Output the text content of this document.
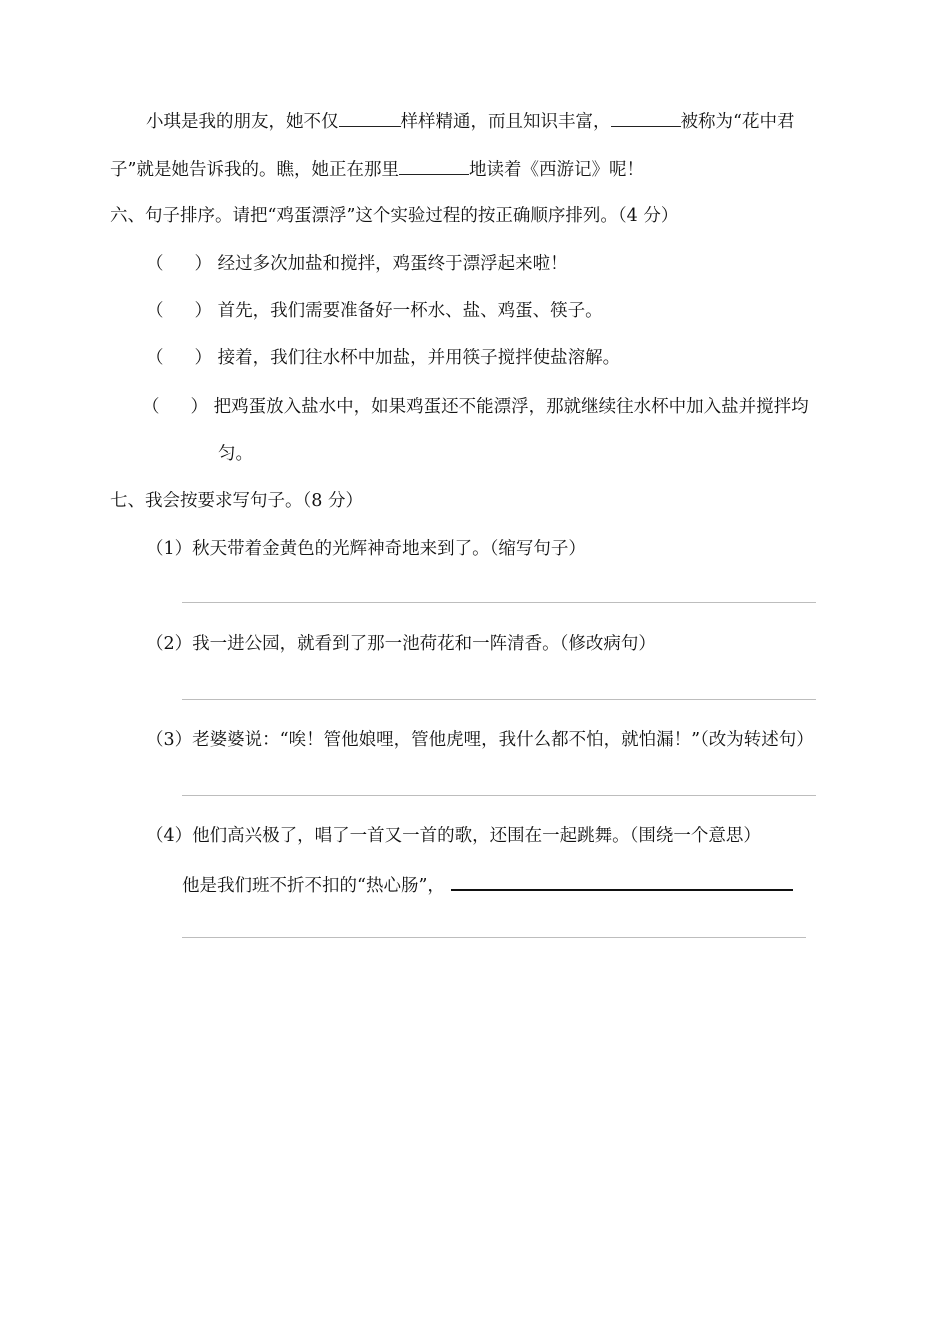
小琪是我的朋友，她不仅	样样精通，而且知识丰富，	被称为“花中君
子”就是她告诉我的。瞧，她正在那里	地读着《西游记》呢！
六、句子排序。请把“鸡蛋漂浮”这个实验过程的按正确顺序排列。（4 分）
（ ） 经过多次加盐和搅拌，鸡蛋终于漂浮起来啦！
（ ） 首先，我们需要准备好一杯水、盐、鸡蛋、筷子。
（ ） 接着，我们往水杯中加盐，并用筷子搅拌使盐溶解。
（ ） 把鸡蛋放入盐水中，如果鸡蛋还不能漂浮，那就继续往水杯中加入盐并搅拌均
匀。
七、我会按要求写句子。（8 分）
（1）秋天带着金黄色的光辉神奇地来到了。（缩写句子）
（2）我一进公园，就看到了那一池荷花和一阵清香。（修改病句）
（3）老婆婆说：“唉！管他娘哩，管他虎哩，我什么都不怕，就怕漏！”（改为转述句）
（4）他们高兴极了，唱了一首又一首的歌，还围在一起跳舞。（围绕一个意思）
他是我们班不折不扣的“热心肠”，
